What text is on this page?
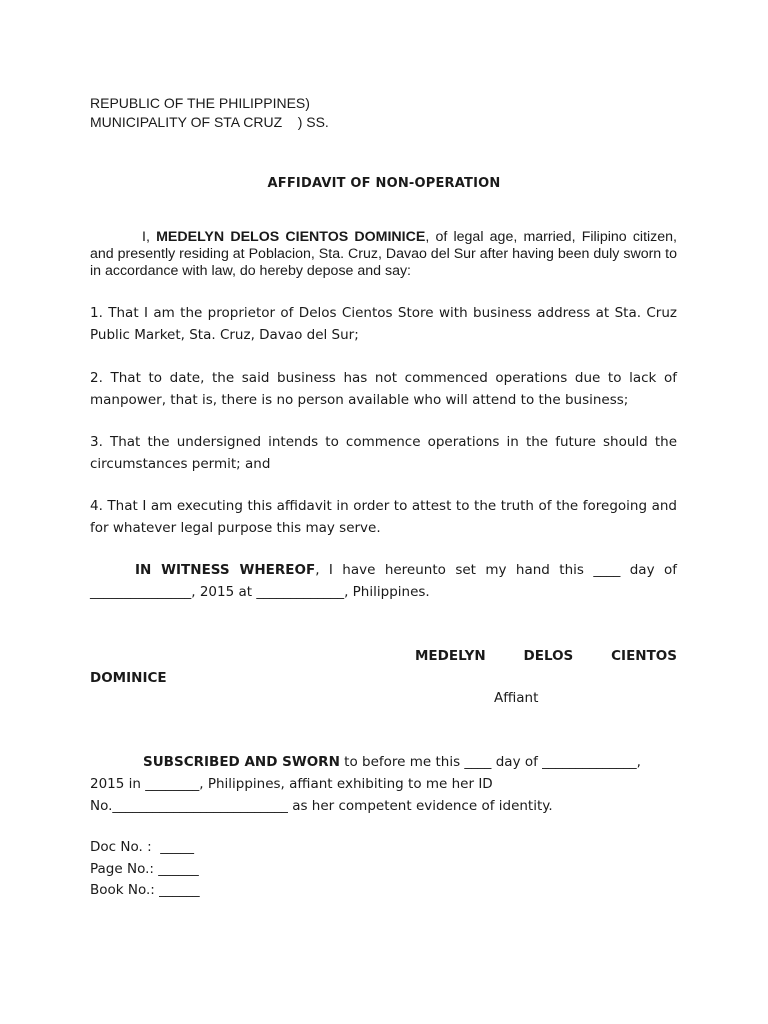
REPUBLIC OF THE PHILIPPINES)
MUNICIPALITY OF STA CRUZ    ) SS.
AFFIDAVIT OF NON-OPERATION
I, MEDELYN DELOS CIENTOS DOMINICE, of legal age, married, Filipino citizen, and presently residing at Poblacion, Sta. Cruz, Davao del Sur after having been duly sworn to in accordance with law, do hereby depose and say:
1. That I am the proprietor of Delos Cientos Store with business address at Sta. Cruz Public Market, Sta. Cruz, Davao del Sur;
2. That to date, the said business has not commenced operations due to lack of manpower, that is, there is no person available who will attend to the business;
3. That the undersigned intends to commence operations in the future should the circumstances permit; and
4. That I am executing this affidavit in order to attest to the truth of the foregoing and for whatever legal purpose this may serve.
IN WITNESS WHEREOF, I have hereunto set my hand this ____ day of _______________, 2015 at _____________, Philippines.
MEDELYN	DELOS	CIENTOS
DOMINICE
Affiant
SUBSCRIBED AND SWORN to before me this ____ day of ______________,
2015 in ________, Philippines, affiant exhibiting to me her ID
No.__________________________ as her competent evidence of identity.
Doc No. :  _____
Page No.: ______
Book No.: ______
